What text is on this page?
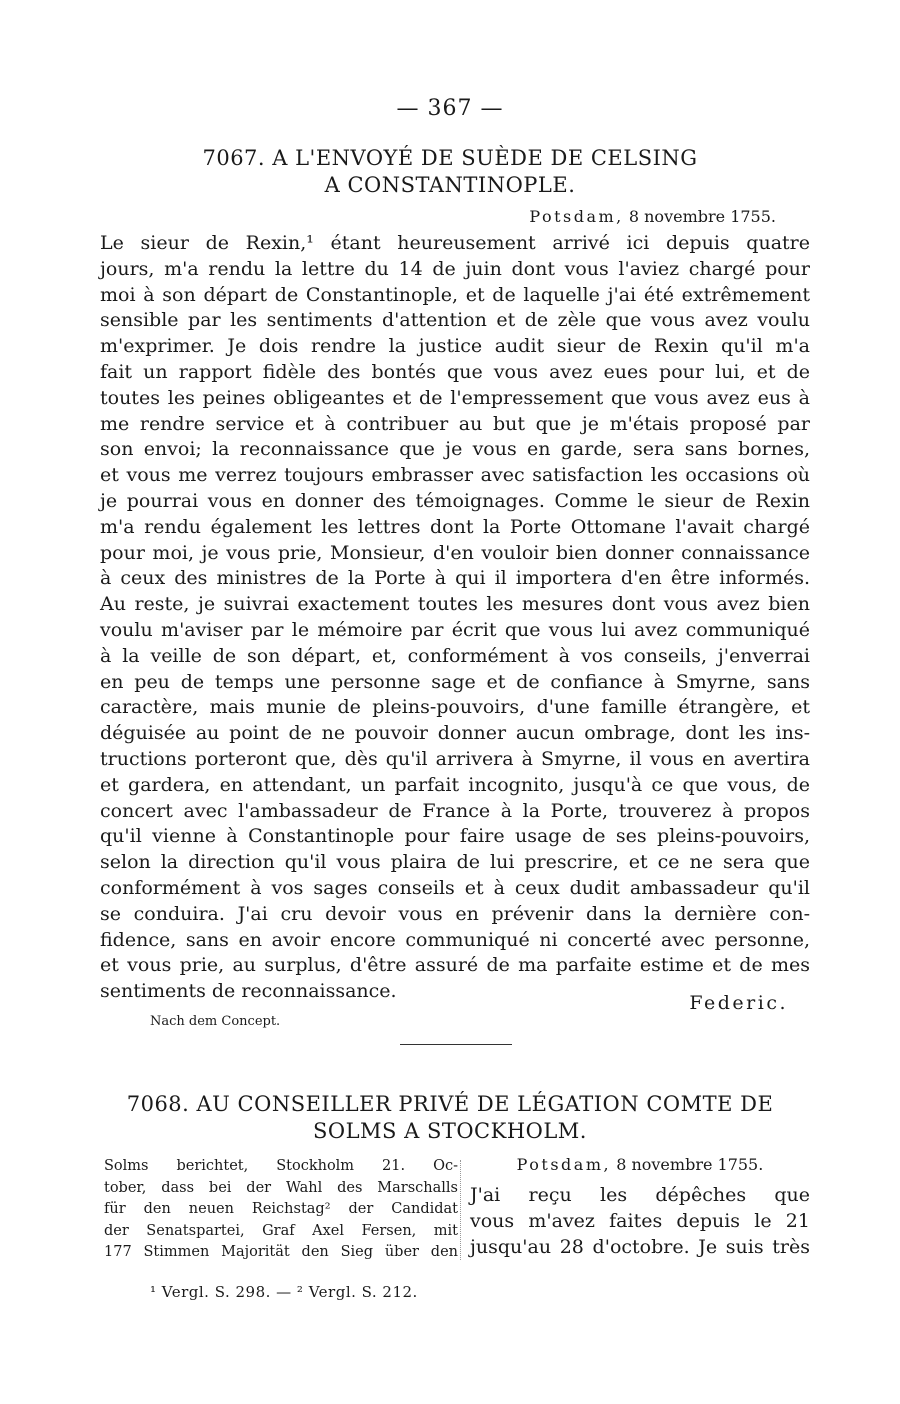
— 367 —
7067. A L'ENVOYÉ DE SUÈDE DE CELSING
A CONSTANTINOPLE.
Potsdam, 8 novembre 1755.
Le sieur de Rexin,¹ étant heureusement arrivé ici depuis quatre
jours, m'a rendu la lettre du 14 de juin dont vous l'aviez chargé pour
moi à son départ de Constantinople, et de laquelle j'ai été extrêmement
sensible par les sentiments d'attention et de zèle que vous avez voulu
m'exprimer. Je dois rendre la justice audit sieur de Rexin qu'il m'a
fait un rapport fidèle des bontés que vous avez eues pour lui, et de
toutes les peines obligeantes et de l'empressement que vous avez eus à
me rendre service et à contribuer au but que je m'étais proposé par
son envoi; la reconnaissance que je vous en garde, sera sans bornes,
et vous me verrez toujours embrasser avec satisfaction les occasions où
je pourrai vous en donner des témoignages. Comme le sieur de Rexin
m'a rendu également les lettres dont la Porte Ottomane l'avait chargé
pour moi, je vous prie, Monsieur, d'en vouloir bien donner connaissance
à ceux des ministres de la Porte à qui il importera d'en être informés.
Au reste, je suivrai exactement toutes les mesures dont vous avez bien
voulu m'aviser par le mémoire par écrit que vous lui avez communiqué
à la veille de son départ, et, conformément à vos conseils, j'enverrai
en peu de temps une personne sage et de confiance à Smyrne, sans
caractère, mais munie de pleins-pouvoirs, d'une famille étrangère, et
déguisée au point de ne pouvoir donner aucun ombrage, dont les ins-
tructions porteront que, dès qu'il arrivera à Smyrne, il vous en avertira
et gardera, en attendant, un parfait incognito, jusqu'à ce que vous, de
concert avec l'ambassadeur de France à la Porte, trouverez à propos
qu'il vienne à Constantinople pour faire usage de ses pleins-pouvoirs,
selon la direction qu'il vous plaira de lui prescrire, et ce ne sera que
conformément à vos sages conseils et à ceux dudit ambassadeur qu'il
se conduira. J'ai cru devoir vous en prévenir dans la dernière con-
fidence, sans en avoir encore communiqué ni concerté avec personne,
et vous prie, au surplus, d'être assuré de ma parfaite estime et de mes
sentiments de reconnaissance.
Federic.
Nach dem Concept.
7068. AU CONSEILLER PRIVÉ DE LÉGATION COMTE DE
SOLMS A STOCKHOLM.
Solms berichtet, Stockholm 21. Oc-
tober, dass bei der Wahl des Marschalls
für den neuen Reichstag² der Candidat
der Senatspartei, Graf Axel Fersen, mit
177 Stimmen Majorität den Sieg über den
Potsdam, 8 novembre 1755.
J'ai reçu les dépêches que
vous m'avez faites depuis le 21
jusqu'au 28 d'octobre. Je suis très
¹ Vergl. S. 298. — ² Vergl. S. 212.
